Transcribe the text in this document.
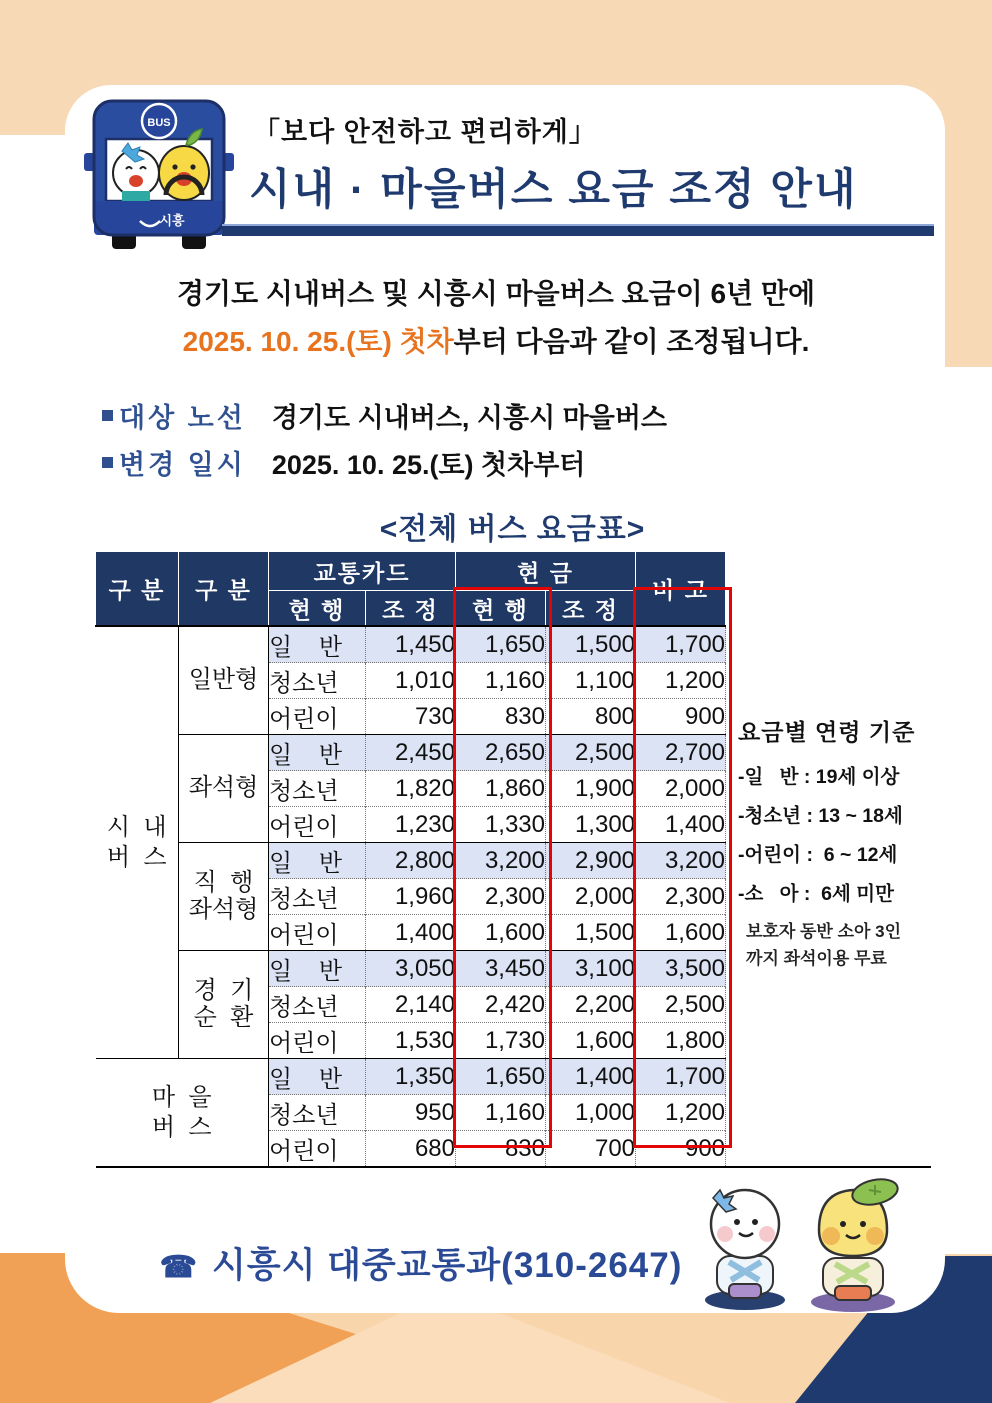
BUS
시흥
「보다 안전하고 편리하게」
시내 · 마을버스 요금 조정 안내
경기도 시내버스 및 시흥시 마을버스 요금이 6년 만에
2025. 10. 25.(토) 첫차부터 다음과 같이 조정됩니다.
대상 노선 경기도 시내버스, 시흥시 마을버스
변경 일시 2025. 10. 25.(토) 첫차부터
<전체 버스 요금표>
구 분	구 분	교통카드		현 금		비 고	
		현 행	조 정	현 행	조 정		

시  내
버  스

일반형
	일    반	1,450	1,650	1,500	1,700	
요금별 연령 기준
-일   반 : 19세 이상
-청소년 : 13 ~ 18세
-어린이 :  6 ~ 12세
-소   아 :  6세 미만
보호자 동반 소아 3인
까지 좌석이용 무료

		청소년	1,010	1,160	1,100	1,200	
		어린이	730	830	800	900	

	좌석형	일    반	2,450	2,650	2,500	2,700	
		청소년	1,820	1,860	1,900	2,000	
		어린이	1,230	1,330	1,300	1,400	

	직  행
좌석형	일    반	2,800	3,200	2,900	3,200	
		청소년	1,960	2,300	2,000	2,300	
		어린이	1,400	1,600	1,500	1,600	

	경  기
순  환	일    반	3,050	3,450	3,100	3,500	
		청소년	2,140	2,420	2,200	2,500	
		어린이	1,530	1,730	1,600	1,800	

마  을
버  스		일    반	1,350	1,650	1,400	1,700	
		청소년	950	1,160	1,000	1,200	
		어린이	680	830	700	900	
☎ 시흥시 대중교통과(310-2647)
